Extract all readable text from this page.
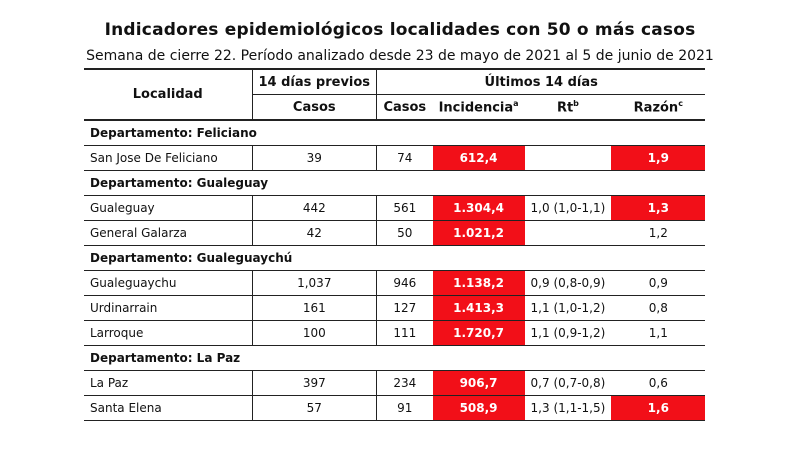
Indicadores epidemiológicos localidades con 50 o más casos
Semana de cierre 22. Período analizado desde 23 de mayo de 2021 al 5 de junio de 2021
Localidad	14 días previos	Últimos 14 días			
	Casos	Casos	Incidencia$^a$	Rt$^b$	Razón$^c$
Departamento: Feliciano					
San Jose De Feliciano	39	74	612,4		1,9
Departamento: Gualeguay					
Gualeguay	442	561	1.304,4	1,0 (1,0-1,1)	1,3
General Galarza	42	50	1.021,2		1,2
Departamento: Gualeguaychú					
Gualeguaychu	1,037	946	1.138,2	0,9 (0,8-0,9)	0,9
Urdinarrain	161	127	1.413,3	1,1 (1,0-1,2)	0,8
Larroque	100	111	1.720,7	1,1 (0,9-1,2)	1,1
Departamento: La Paz					
La Paz	397	234	906,7	0,7 (0,7-0,8)	0,6
Santa Elena	57	91	508,9	1,3 (1,1-1,5)	1,6
